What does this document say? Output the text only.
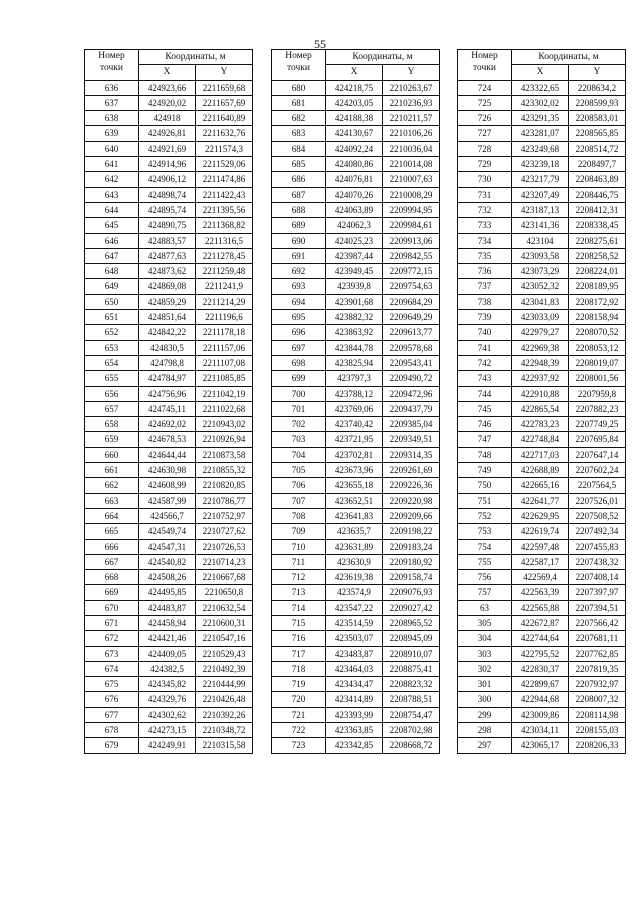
55
Номер
точки	Координаты, м	
	X	Y
636	424923,66	2211659,68
637	424920,02	2211657,69
638	424918	2211640,89
639	424926,81	2211632,76
640	424921,69	2211574,3
641	424914,96	2211529,06
642	424906,12	2211474,86
643	424898,74	2211422,43
644	424895,74	2211395,56
645	424890,75	2211368,82
646	424883,57	2211316,5
647	424877,63	2211278,45
648	424873,62	2211259,48
649	424869,08	2211241,9
650	424859,29	2211214,29
651	424851,64	2211196,6
652	424842,22	2211178,18
653	424830,5	2211157,06
654	424798,8	2211107,08
655	424784,97	2211085,85
656	424756,96	2211042,19
657	424745,11	2211022,68
658	424692,02	2210943,02
659	424678,53	2210926,94
660	424644,44	2210873,58
661	424630,98	2210855,32
662	424608,99	2210820,85
663	424587,99	2210786,77
664	424566,7	2210752,97
665	424549,74	2210727,62
666	424547,31	2210726,53
667	424540,82	2210714,23
668	424508,26	2210667,68
669	424495,85	2210650,8
670	424483,87	2210632,54
671	424458,94	2210600,31
672	424421,46	2210547,16
673	424409,05	2210529,43
674	424382,5	2210492,39
675	424345,82	2210444,99
676	424329,76	2210426,48
677	424302,62	2210392,26
678	424273,15	2210348,72
679	424249,91	2210315,58
Номер
точки	Координаты, м	
	X	Y
680	424218,75	2210263,67
681	424203,05	2210236,93
682	424188,38	2210211,57
683	424130,67	2210106,26
684	424092,24	2210036,04
685	424080,86	2210014,08
686	424076,81	2210007,63
687	424070,26	2210008,29
688	424063,89	2209994,95
689	424062,3	2209984,61
690	424025,23	2209913,06
691	423987,44	2209842,55
692	423949,45	2209772,15
693	423939,8	2209754,63
694	423901,68	2209684,29
695	423882,32	2209649,29
696	423863,92	2209613,77
697	423844,78	2209578,68
698	423825,94	2209543,41
699	423797,3	2209490,72
700	423788,12	2209472,96
701	423769,06	2209437,79
702	423740,42	2209385,04
703	423721,95	2209349,51
704	423702,81	2209314,35
705	423673,96	2209261,69
706	423655,18	2209226,36
707	423652,51	2209220,98
708	423641,83	2209209,66
709	423635,7	2209198,22
710	423631,89	2209183,24
711	423630,9	2209180,92
712	423619,38	2209158,74
713	423574,9	2209076,93
714	423547,22	2209027,42
715	423514,59	2208965,52
716	423503,07	2208945,09
717	423483,87	2208910,07
718	423464,03	2208875,41
719	423434,47	2208823,32
720	423414,89	2208788,51
721	423393,99	2208754,47
722	423363,85	2208702,98
723	423342,85	2208668,72
Номер
точки	Координаты, м	
	X	Y
724	423322,65	2208634,2
725	423302,02	2208599,93
726	423291,35	2208583,01
727	423281,07	2208565,85
728	423249,68	2208514,72
729	423239,18	2208497,7
730	423217,79	2208463,89
731	423207,49	2208446,75
732	423187,13	2208412,31
733	423141,36	2208338,45
734	423104	2208275,61
735	423093,58	2208258,52
736	423073,29	2208224,01
737	423052,32	2208189,95
738	423041,83	2208172,92
739	423033,09	2208158,94
740	422979,27	2208070,52
741	422969,38	2208053,12
742	422948,39	2208019,07
743	422937,92	2208001,56
744	422910,88	2207959,8
745	422865,54	2207882,23
746	422783,23	2207749,25
747	422748,84	2207695,84
748	422717,03	2207647,14
749	422688,89	2207602,24
750	422665,16	2207564,5
751	422641,77	2207526,01
752	422629,95	2207508,52
753	422619,74	2207492,34
754	422597,48	2207455,83
755	422587,17	2207438,32
756	422569,4	2207408,14
757	422563,39	2207397,97
63	422565,88	2207394,51
305	422672,87	2207566,42
304	422744,64	2207681,11
303	422795,52	2207762,85
302	422830,37	2207819,35
301	422899,67	2207932,97
300	422944,68	2208007,32
299	423009,86	2208114,98
298	423034,11	2208155,03
297	423065,17	2208206,33
